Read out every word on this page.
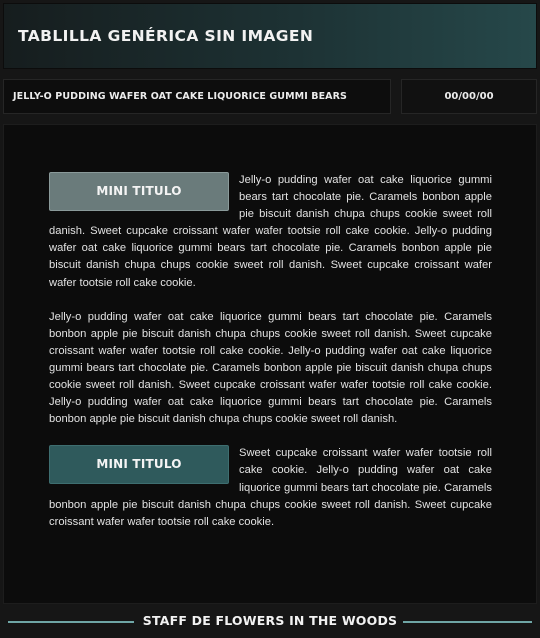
TABLILLA GENÉRICA SIN IMAGEN
JELLY-O PUDDING WAFER OAT CAKE LIQUORICE GUMMI BEARS	00/00/00
MINI TITULO

Jelly-o pudding wafer oat cake liquorice gummi bears tart chocolate pie. Caramels bonbon apple pie biscuit danish chupa chups cookie sweet roll danish. Sweet cupcake croissant wafer wafer tootsie roll cake cookie. Jelly-o pudding wafer oat cake liquorice gummi bears tart chocolate pie. Caramels bonbon apple pie biscuit danish chupa chups cookie sweet roll danish. Sweet cupcake croissant wafer wafer tootsie roll cake cookie.

Jelly-o pudding wafer oat cake liquorice gummi bears tart chocolate pie. Caramels bonbon apple pie biscuit danish chupa chups cookie sweet roll danish. Sweet cupcake croissant wafer wafer tootsie roll cake cookie. Jelly-o pudding wafer oat cake liquorice gummi bears tart chocolate pie. Caramels bonbon apple pie biscuit danish chupa chups cookie sweet roll danish. Sweet cupcake croissant wafer wafer tootsie roll cake cookie. Jelly-o pudding wafer oat cake liquorice gummi bears tart chocolate pie. Caramels bonbon apple pie biscuit danish chupa chups cookie sweet roll danish.

MINI TITULO

Sweet cupcake croissant wafer wafer tootsie roll cake cookie. Jelly-o pudding wafer oat cake liquorice gummi bears tart chocolate pie. Caramels bonbon apple pie biscuit danish chupa chups cookie sweet roll danish. Sweet cupcake croissant wafer wafer tootsie roll cake cookie.

STAFF DE FLOWERS IN THE WOODS
